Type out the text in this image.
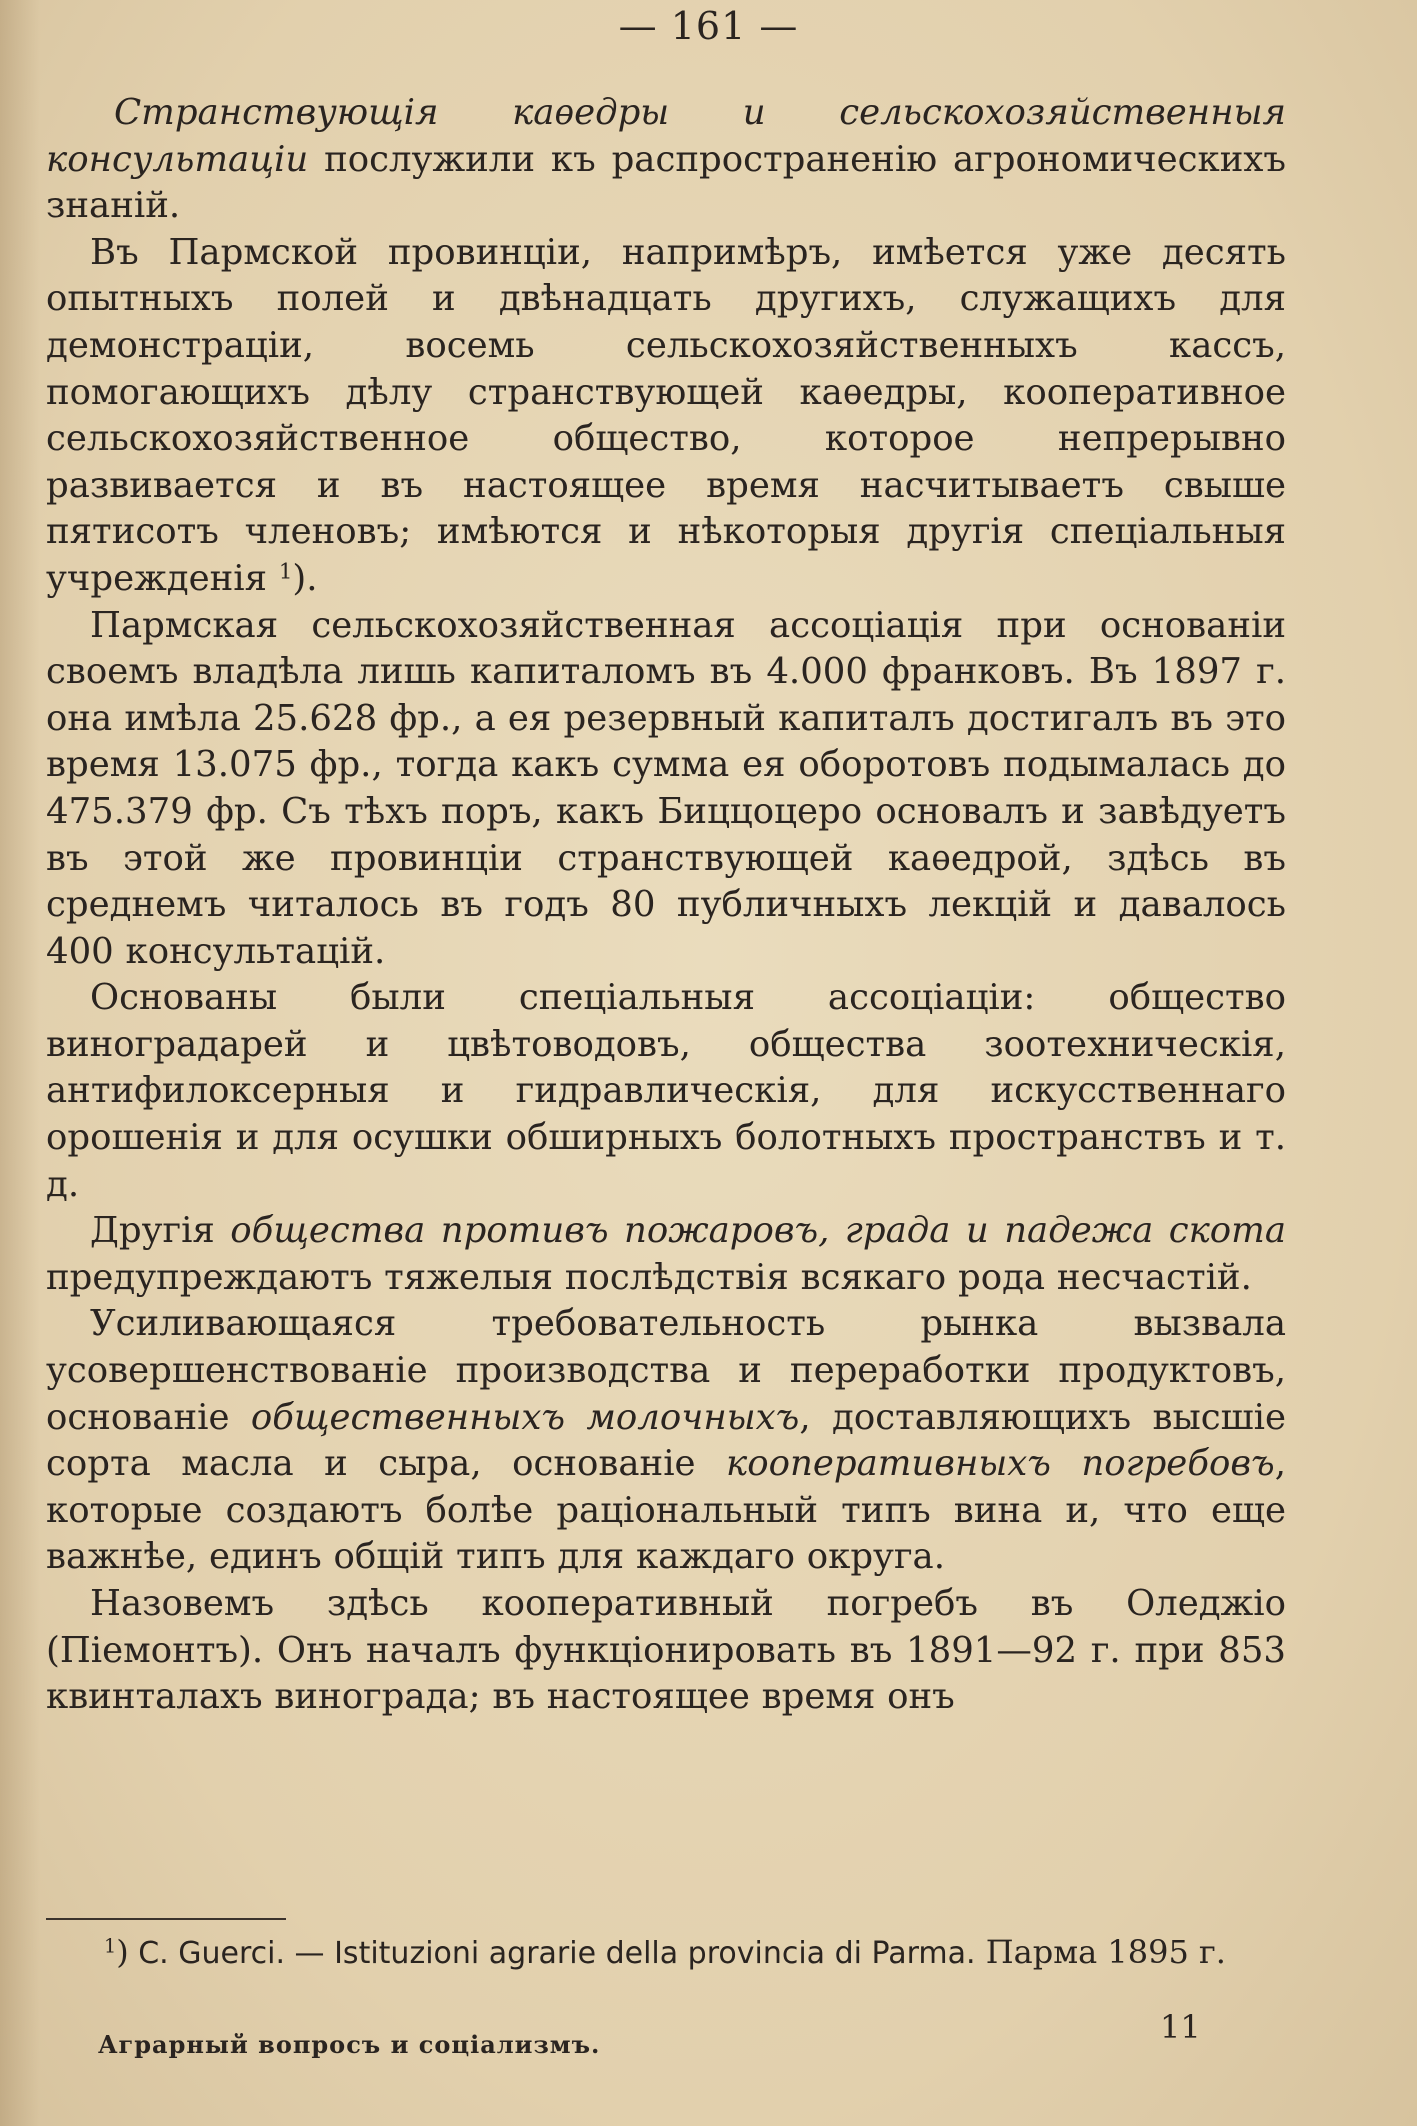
— 161 —

Странствующія каѳедры и сельскохозяйственныя консультаціи послужили къ распространенію агрономическихъ знаній.

Въ Пармской провинціи, напримѣръ, имѣется уже десять опытныхъ полей и двѣнадцать другихъ, служащихъ для демонстраціи, восемь сельскохозяйственныхъ кассъ, помогающихъ дѣлу странствующей каѳедры, кооперативное сельскохозяйственное общество, которое непрерывно развивается и въ настоящее время насчитываетъ свыше пятисотъ членовъ; имѣются и нѣкоторыя другія спеціальныя учрежденія $^1$).

Пармская сельскохозяйственная ассоціація при основаніи своемъ владѣла лишь капиталомъ въ 4.000 франковъ. Въ 1897 г. она имѣла 25.628 фр., а ея резервный капиталъ достигалъ въ это время 13.075 фр., тогда какъ сумма ея оборотовъ подымалась до 475.379 фр. Съ тѣхъ поръ, какъ Биццоцеро основалъ и завѣдуетъ въ этой же провинціи странствующей каѳедрой, здѣсь въ среднемъ читалось въ годъ 80 публичныхъ лекцій и давалось 400 консультацій.

Основаны были спеціальныя ассоціаціи: общество виноградарей и цвѣтоводовъ, общества зоотехническія, антифилоксерныя и гидравлическія, для искусственнаго орошенія и для осушки обширныхъ болотныхъ пространствъ и т. д.

Другія общества противъ пожаровъ, града и падежа скота предупреждаютъ тяжелыя послѣдствія всякаго рода несчастій.

Усиливающаяся требовательность рынка вызвала усовершенствованіе производства и переработки продуктовъ, основаніе общественныхъ молочныхъ, доставляющихъ высшіе сорта масла и сыра, основаніе кооперативныхъ погребовъ, которые создаютъ болѣе раціональный типъ вина и, что еще важнѣе, единъ общій типъ для каждаго округа.

Назовемъ здѣсь кооперативный погребъ въ Оледжіо (Піемонтъ). Онъ началъ функціонировать въ 1891—92 г. при 853 квинталахъ винограда; въ настоящее время онъ

$^1$) C. Guerci. — Istituzioni agrarie della provincia di Parma. Парма 1895 г.
Аграрный вопросъ и соціализмъ.	11
